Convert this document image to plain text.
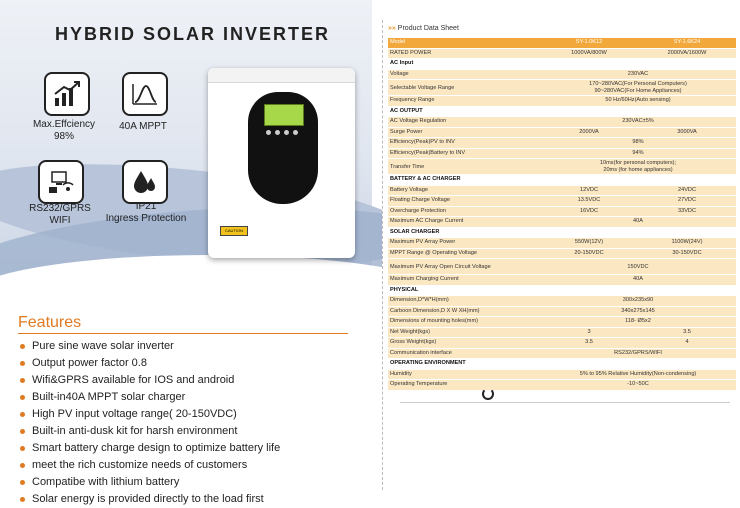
HYBRID SOLAR INVERTER
Max.Effciency
98%
40A MPPT
RS232/GPRS
WIFI
IP21
Ingress Protection
CAUTION
Features
Pure sine wave solar inverter
Output power factor 0.8
Wifi&GPRS available for IOS and android
Built-in40A MPPT solar charger
High PV input voltage range( 20-150VDC)
Built-in anti-dusk kit for harsh environment
Smart battery charge design to optimize battery life
meet the rich customize needs of customers
Compatibe with lithium battery
Solar energy is provided directly to the load first
»» Product Data Sheet
Model	SY-1.0K12	SY-1.6K24
RATED POWER	1000VA/800W	2000VA/1600W
AC Input
Voltage	230VAC
Selectable Voltage Range
170~280VAC(For Personal Computers)
90~280VAC(For Home Appliances)
Frequency Range	50 Hz/60Hz(Auto sensing)
AC OUTPUT
AC Voltage Regulation	230VAC±5%
Surge Power	2000VA	3000VA
Efficiency(Peak)PV to INV	98%
Efficiency(Peak)Battery to INV	94%
Transfer Time
10ms(for personal computers);
20ms (for home appliances)
BATTERY & AC CHARGER
Battery Voltage	12VDC	24VDC
Floating Charge Voltage	13.5VDC	27VDC
Overcharge Protection	16VDC	33VDC
Maximum AC Charge Current	40A
SOLAR CHARGER
Maximum PV Array Power	550W(12V)	1100W(24V)
MPPT Range @ Operating Voltage	20-150VDC	30-150VDC
Maximum PV Array Open Circuit Voltage	150VDC
Maximum Charging Current	40A
PHYSICAL
Dimension,D*W*H(mm)	300x235x90
Carboon Dimension,D X W XH(mm)	340x275x145
Dimensions of mounting holes(mm)	118- Ø5x2
Net Weight(kgs)	3	3.5
Gross Weight(kgs)	3.5	4
Communication interface	RS232/GPRS/WIFI
OPERATING ENVIRONMENT
Humidity	5% to 95% Relative Humidity(Non-condensing)
Operating Temperature	-10~50C
